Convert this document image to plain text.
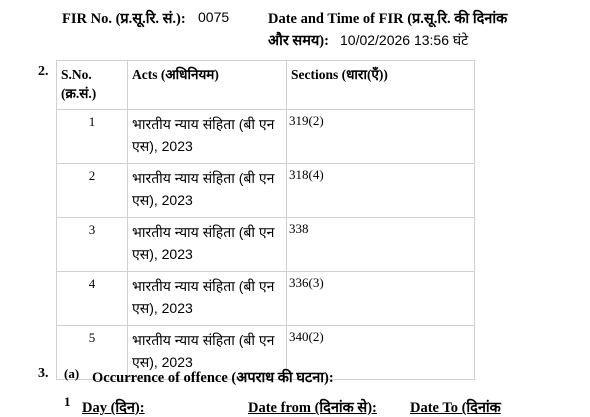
FIR No. (प्र.सू.रि. सं.): 0075	Date and Time of FIR (प्र.सू.रि. की दिनांक
और समय): 10/02/2026 13:56 घंटे
2. S.No. (क्र.सं.)	Acts (अधिनियम)	Sections (धारा(एँ))
1	भारतीय न्याय संहिता (बी एन एस), 2023	319(2)
2	भारतीय न्याय संहिता (बी एन एस), 2023	318(4)
3	भारतीय न्याय संहिता (बी एन एस), 2023	338
4	भारतीय न्याय संहिता (बी एन एस), 2023	336(3)
5	भारतीय न्याय संहिता (बी एन एस), 2023	340(2)
3. (a) Occurrence of offence (अपराध की घटना):
1 Day (दिन):	Date from (दिनांक से): Date To (दिनांक
